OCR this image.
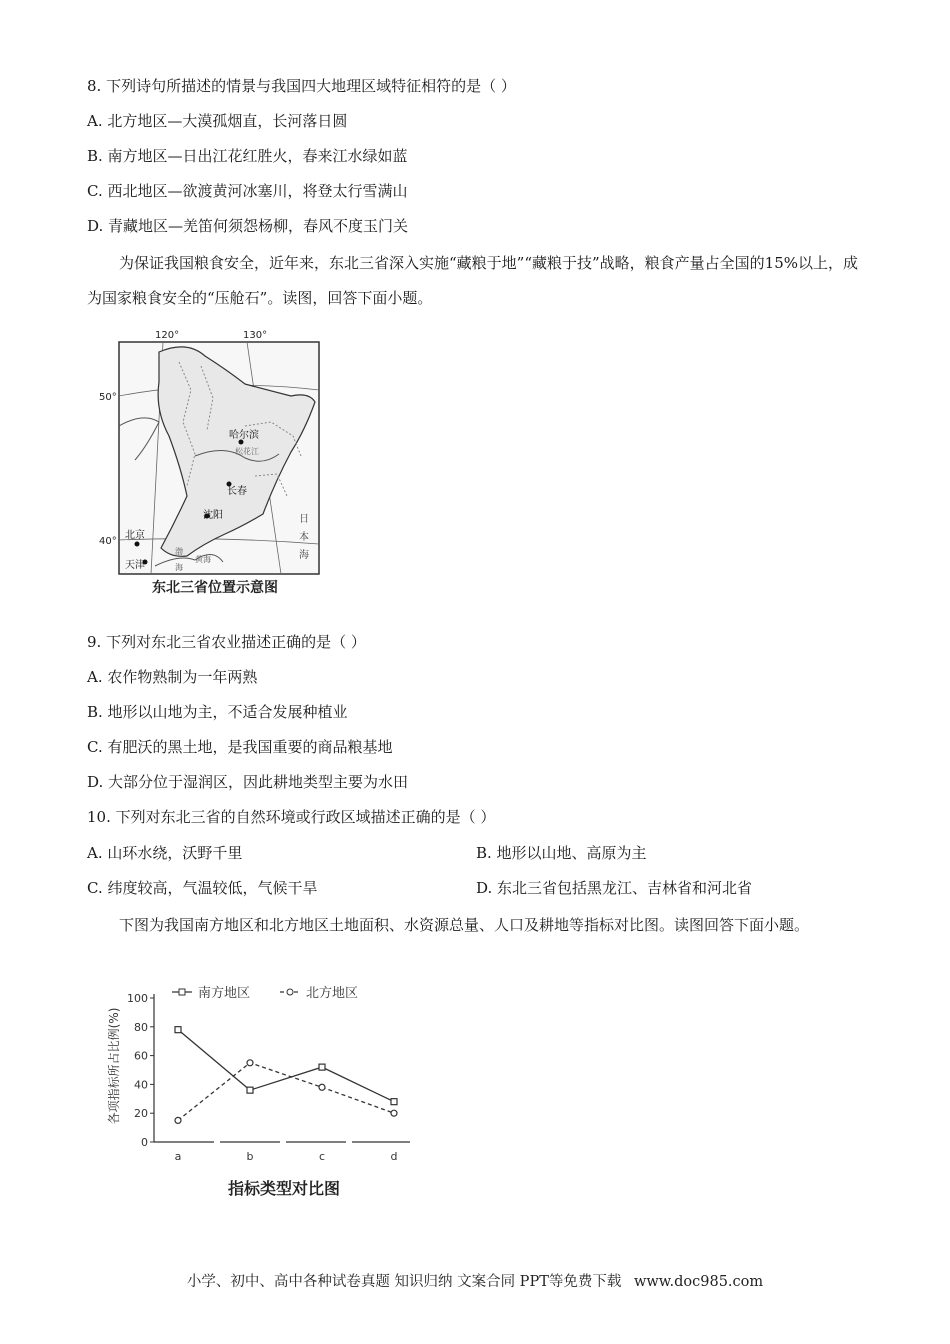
8. 下列诗句所描述的情景与我国四大地理区域特征相符的是（ ）
A. 北方地区—大漠孤烟直，长河落日圆
B. 南方地区—日出江花红胜火，春来江水绿如蓝
C. 西北地区—欲渡黄河冰塞川，将登太行雪满山
D. 青藏地区—羌笛何须怨杨柳，春风不度玉门关
为保证我国粮食安全，近年来，东北三省深入实施“藏粮于地”“藏粮于技”战略，粮食产量占全国的15%以上，成为国家粮食安全的“压舱石”。读图，回答下面小题。
120°	130°
50°
40°
哈尔滨
松花江
长春
沈阳
北京
天津
日
本
海
渤
黄海
海
东北三省位置示意图
9. 下列对东北三省农业描述正确的是（ ）
A. 农作物熟制为一年两熟
B. 地形以山地为主，不适合发展种植业
C. 有肥沃的黑土地，是我国重要的商品粮基地
D. 大部分位于湿润区，因此耕地类型主要为水田
10. 下列对东北三省的自然环境或行政区域描述正确的是（ ）
A. 山环水绕，沃野千里	B. 地形以山地、高原为主
C. 纬度较高，气温较低，气候干旱	D. 东北三省包括黑龙江、吉林省和河北省
下图为我国南方地区和北方地区土地面积、水资源总量、人口及耕地等指标对比图。读图回答下面小题。
0
20
40
60
80
100
a	b	c	d
南方地区	北方地区
各项指标所占比例(%)
指标类型对比图
小学、初中、高中各种试卷真题 知识归纳 文案合同 PPT等免费下载 www.doc985.com
